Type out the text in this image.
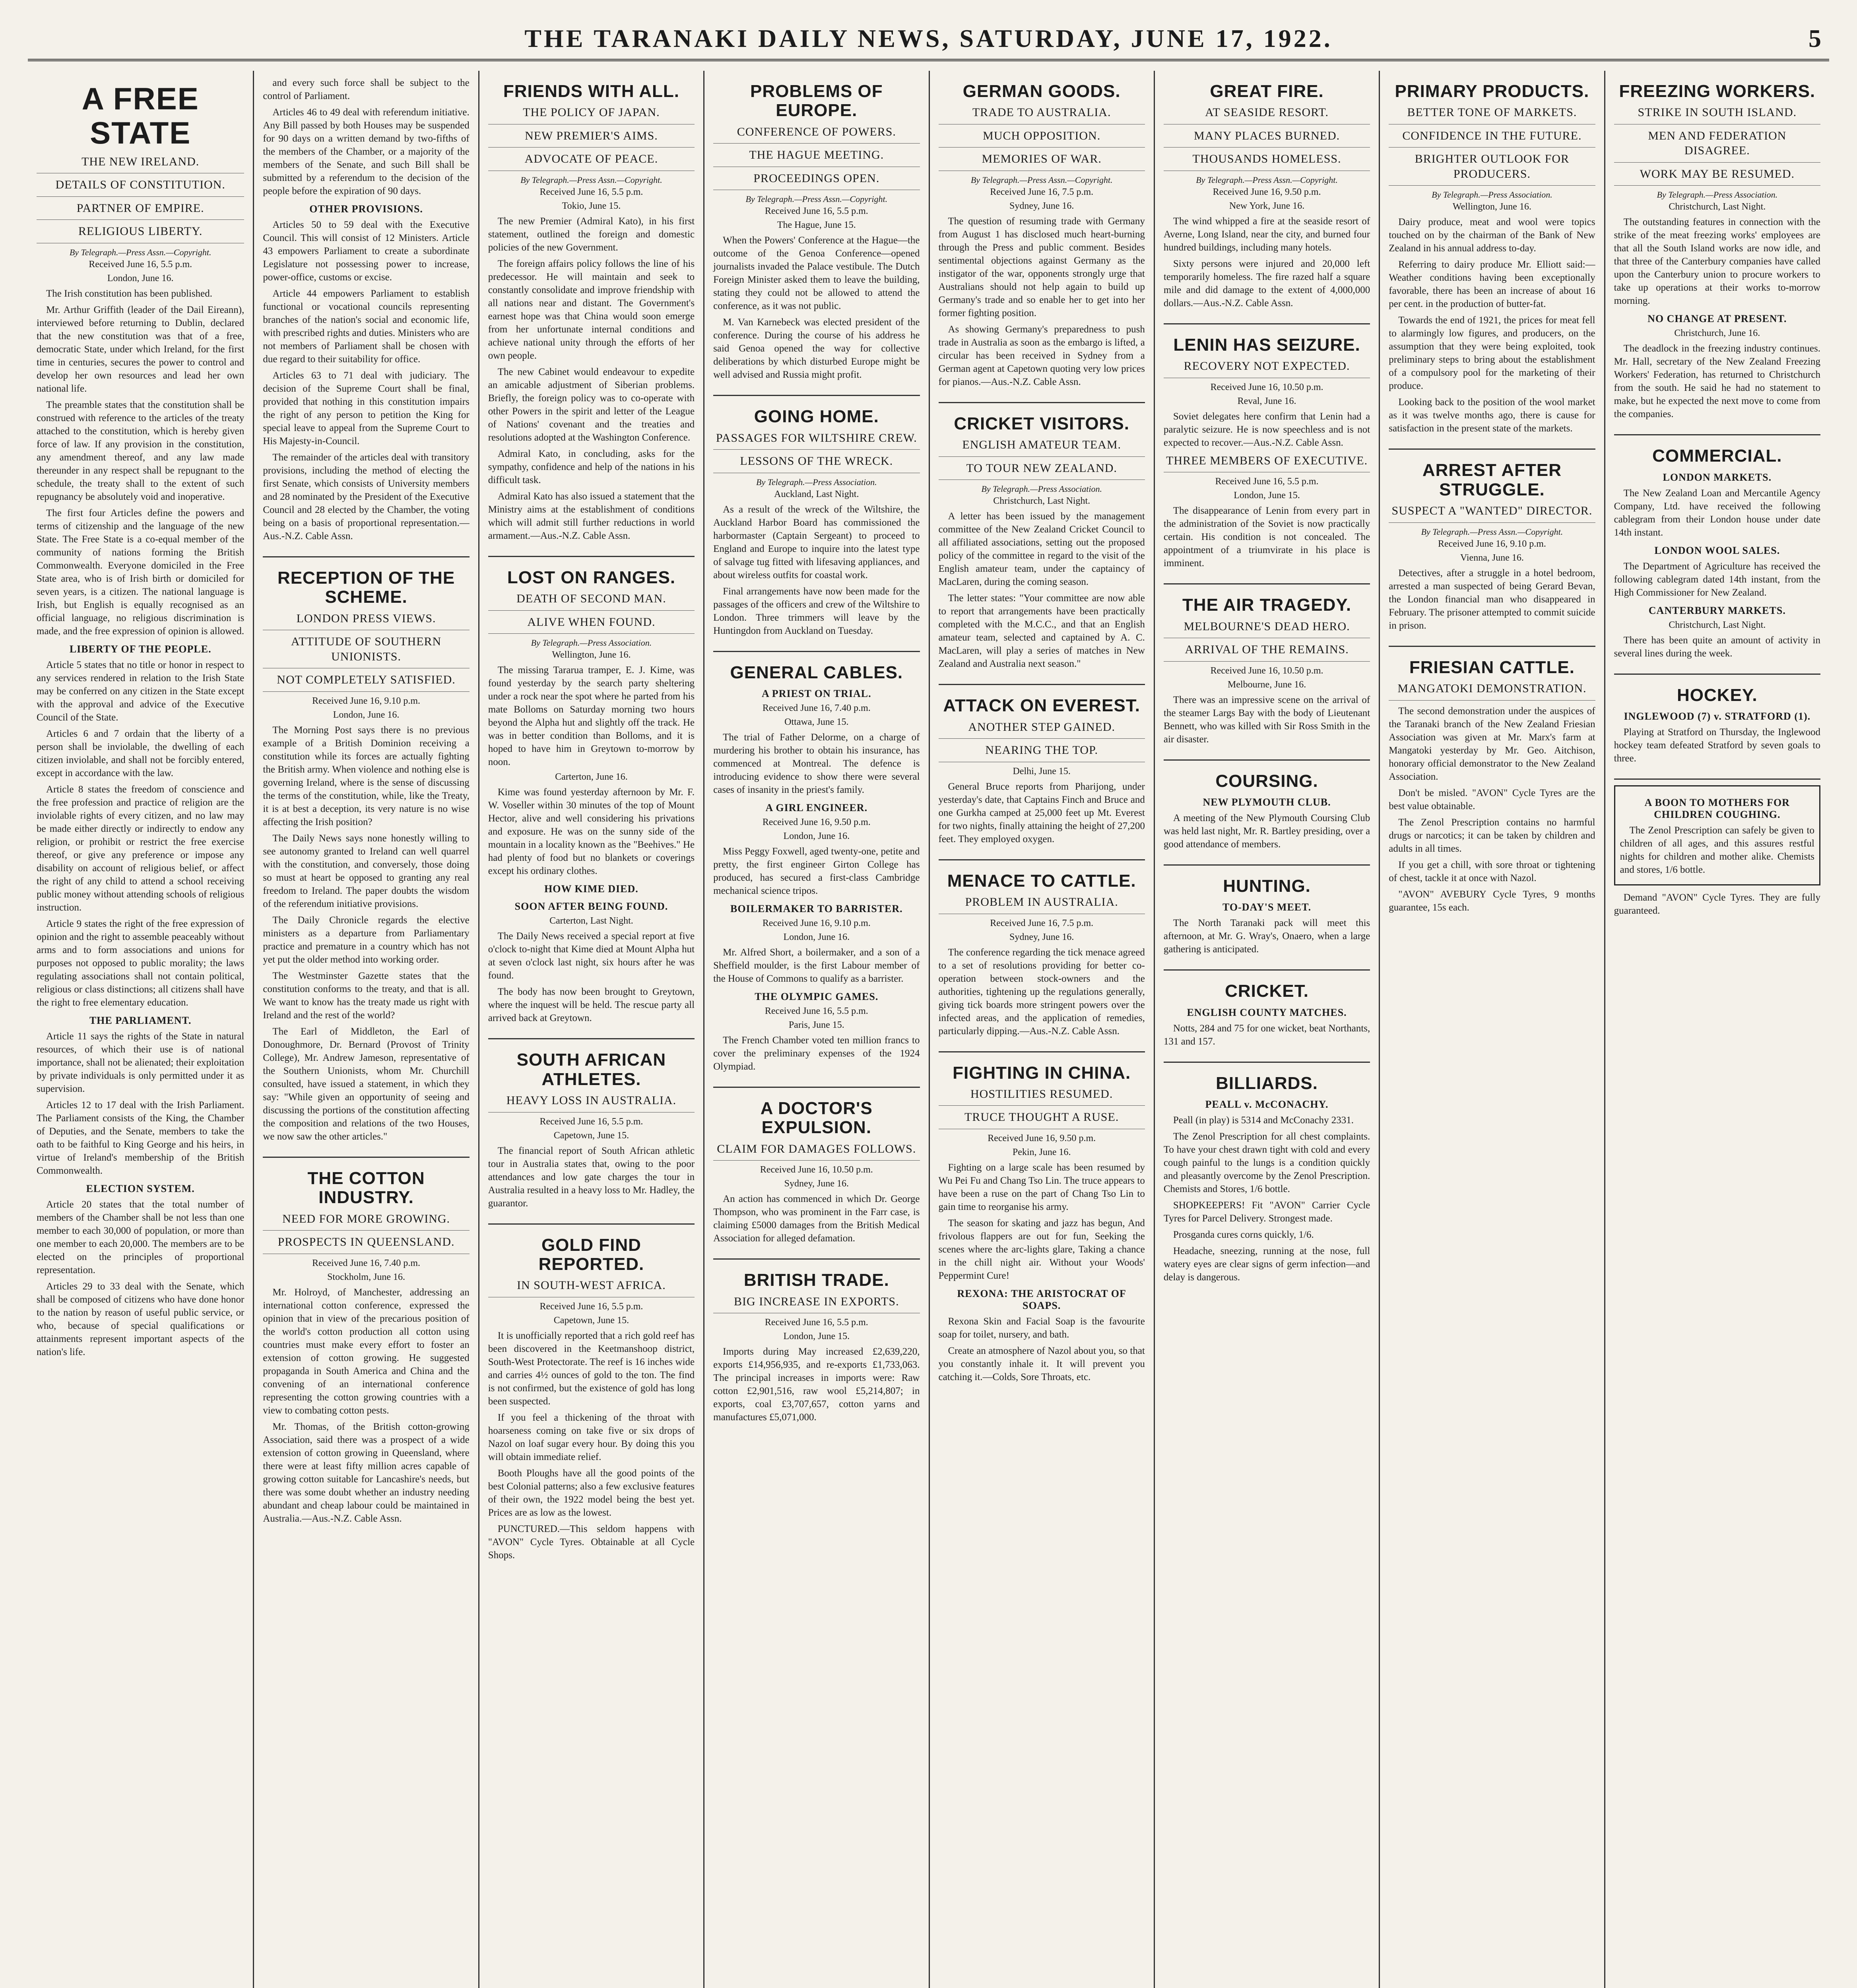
THE TARANAKI DAILY NEWS, SATURDAY, JUNE 17, 1922.	5
A FREE STATE
THE NEW IRELAND.
DETAILS OF CONSTITUTION.
PARTNER OF EMPIRE.
RELIGIOUS LIBERTY.
By Telegraph.—Press Assn.—Copyright.
Received June 16, 5.5 p.m.
London, June 16.

The Irish constitution has been published.

Mr. Arthur Griffith (leader of the Dail Eireann), interviewed before returning to Dublin, declared that the new constitution was that of a free, democratic State, under which Ireland, for the first time in centuries, secures the power to control and develop her own resources and lead her own national life.

The preamble states that the constitution shall be construed with reference to the articles of the treaty attached to the constitution, which is hereby given force of law. If any provision in the constitution, any amendment thereof, and any law made thereunder in any respect shall be repugnant to the schedule, the treaty shall to the extent of such repugnancy be absolutely void and inoperative.

The first four Articles define the powers and terms of citizenship and the language of the new State. The Free State is a co-equal member of the community of nations forming the British Commonwealth. Everyone domiciled in the Free State area, who is of Irish birth or domiciled for seven years, is a citizen. The national language is Irish, but English is equally recognised as an official language, no religious discrimination is made, and the free expression of opinion is allowed.

LIBERTY OF THE PEOPLE.

Article 5 states that no title or honor in respect to any services rendered in relation to the Irish State may be conferred on any citizen in the State except with the approval and advice of the Executive Council of the State.

Articles 6 and 7 ordain that the liberty of a person shall be inviolable, the dwelling of each citizen inviolable, and shall not be forcibly entered, except in accordance with the law.

Article 8 states the freedom of conscience and the free profession and practice of religion are the inviolable rights of every citizen, and no law may be made either directly or indirectly to endow any religion, or prohibit or restrict the free exercise thereof, or give any preference or impose any disability on account of religious belief, or affect the right of any child to attend a school receiving public money without attending schools of religious instruction.

Article 9 states the right of the free expression of opinion and the right to assemble peaceably without arms and to form associations and unions for purposes not opposed to public morality; the laws regulating associations shall not contain political, religious or class distinctions; all citizens shall have the right to free elementary education.

THE PARLIAMENT.

Article 11 says the rights of the State in natural resources, of which their use is of national importance, shall not be alienated; their exploitation by private individuals is only permitted under it as supervision.

Articles 12 to 17 deal with the Irish Parliament. The Parliament consists of the King, the Chamber of Deputies, and the Senate, members to take the oath to be faithful to King George and his heirs, in virtue of Ireland's membership of the British Commonwealth.

ELECTION SYSTEM.

Article 20 states that the total number of members of the Chamber shall be not less than one member to each 30,000 of population, or more than one member to each 20,000. The members are to be elected on the principles of proportional representation.

Articles 29 to 33 deal with the Senate, which shall be composed of citizens who have done honor to the nation by reason of useful public service, or who, because of special qualifications or attainments represent important aspects of the nation's life.

and every such force shall be subject to the control of Parliament.

Articles 46 to 49 deal with referendum initiative. Any Bill passed by both Houses may be suspended for 90 days on a written demand by two-fifths of the members of the Chamber, or a majority of the members of the Senate, and such Bill shall be submitted by a referendum to the decision of the people before the expiration of 90 days.

OTHER PROVISIONS.

Articles 50 to 59 deal with the Executive Council. This will consist of 12 Ministers. Article 43 empowers Parliament to create a subordinate Legislature not possessing power to increase, power-office, customs or excise.

Article 44 empowers Parliament to establish functional or vocational councils representing branches of the nation's social and economic life, with prescribed rights and duties. Ministers who are not members of Parliament shall be chosen with due regard to their suitability for office.

Articles 63 to 71 deal with judiciary. The decision of the Supreme Court shall be final, provided that nothing in this constitution impairs the right of any person to petition the King for special leave to appeal from the Supreme Court to His Majesty-in-Council.

The remainder of the articles deal with transitory provisions, including the method of electing the first Senate, which consists of University members and 28 nominated by the President of the Executive Council and 28 elected by the Chamber, the voting being on a basis of proportional representation.—Aus.-N.Z. Cable Assn.

RECEPTION OF THE SCHEME.
LONDON PRESS VIEWS.
ATTITUDE OF SOUTHERN UNIONISTS.
NOT COMPLETELY SATISFIED.
Received June 16, 9.10 p.m.
London, June 16.

The Morning Post says there is no previous example of a British Dominion receiving a constitution while its forces are actually fighting the British army. When violence and nothing else is governing Ireland, where is the sense of discussing the terms of the constitution, while, like the Treaty, it is at best a deception, its very nature is no wise affecting the Irish position?

The Daily News says none honestly willing to see autonomy granted to Ireland can well quarrel with the constitution, and conversely, those doing so must at heart be opposed to granting any real freedom to Ireland. The paper doubts the wisdom of the referendum initiative provisions.

The Daily Chronicle regards the elective ministers as a departure from Parliamentary practice and premature in a country which has not yet put the older method into working order.

The Westminster Gazette states that the constitution conforms to the treaty, and that is all. We want to know has the treaty made us right with Ireland and the rest of the world?

The Earl of Middleton, the Earl of Donoughmore, Dr. Bernard (Provost of Trinity College), Mr. Andrew Jameson, representative of the Southern Unionists, whom Mr. Churchill consulted, have issued a statement, in which they say: "While given an opportunity of seeing and discussing the portions of the constitution affecting the composition and relations of the two Houses, we now saw the other articles."

THE COTTON INDUSTRY.
NEED FOR MORE GROWING.
PROSPECTS IN QUEENSLAND.
Received June 16, 7.40 p.m.
Stockholm, June 16.

Mr. Holroyd, of Manchester, addressing an international cotton conference, expressed the opinion that in view of the precarious position of the world's cotton production all cotton using countries must make every effort to foster an extension of cotton growing. He suggested propaganda in South America and China and the convening of an international conference representing the cotton growing countries with a view to combating cotton pests.

Mr. Thomas, of the British cotton-growing Association, said there was a prospect of a wide extension of cotton growing in Queensland, where there were at least fifty million acres capable of growing cotton suitable for Lancashire's needs, but there was some doubt whether an industry needing abundant and cheap labour could be maintained in Australia.—Aus.-N.Z. Cable Assn.

FRIENDS WITH ALL.
THE POLICY OF JAPAN.
NEW PREMIER'S AIMS.
ADVOCATE OF PEACE.
By Telegraph.—Press Assn.—Copyright.
Received June 16, 5.5 p.m.
Tokio, June 15.

The new Premier (Admiral Kato), in his first statement, outlined the foreign and domestic policies of the new Government.

The foreign affairs policy follows the line of his predecessor. He will maintain and seek to constantly consolidate and improve friendship with all nations near and distant. The Government's earnest hope was that China would soon emerge from her unfortunate internal conditions and achieve national unity through the efforts of her own people.

The new Cabinet would endeavour to expedite an amicable adjustment of Siberian problems. Briefly, the foreign policy was to co-operate with other Powers in the spirit and letter of the League of Nations' covenant and the treaties and resolutions adopted at the Washington Conference.

Admiral Kato, in concluding, asks for the sympathy, confidence and help of the nations in his difficult task.

Admiral Kato has also issued a statement that the Ministry aims at the establishment of conditions which will admit still further reductions in world armament.—Aus.-N.Z. Cable Assn.

LOST ON RANGES.
DEATH OF SECOND MAN.
ALIVE WHEN FOUND.
By Telegraph.—Press Association.
Wellington, June 16.

The missing Tararua tramper, E. J. Kime, was found yesterday by the search party sheltering under a rock near the spot where he parted from his mate Bolloms on Saturday morning two hours beyond the Alpha hut and slightly off the track. He was in better condition than Bolloms, and it is hoped to have him in Greytown to-morrow by noon.

Carterton, June 16.

Kime was found yesterday afternoon by Mr. F. W. Voseller within 30 minutes of the top of Mount Hector, alive and well considering his privations and exposure. He was on the sunny side of the mountain in a locality known as the "Beehives." He had plenty of food but no blankets or coverings except his ordinary clothes.

HOW KIME DIED.
SOON AFTER BEING FOUND.
Carterton, Last Night.

The Daily News received a special report at five o'clock to-night that Kime died at Mount Alpha hut at seven o'clock last night, six hours after he was found.

The body has now been brought to Greytown, where the inquest will be held. The rescue party all arrived back at Greytown.

SOUTH AFRICAN ATHLETES.
HEAVY LOSS IN AUSTRALIA.
Received June 16, 5.5 p.m.
Capetown, June 15.

The financial report of South African athletic tour in Australia states that, owing to the poor attendances and low gate charges the tour in Australia resulted in a heavy loss to Mr. Hadley, the guarantor.

GOLD FIND REPORTED.
IN SOUTH-WEST AFRICA.
Received June 16, 5.5 p.m.
Capetown, June 15.

It is unofficially reported that a rich gold reef has been discovered in the Keetmanshoop district, South-West Protectorate. The reef is 16 inches wide and carries 4½ ounces of gold to the ton. The find is not confirmed, but the existence of gold has long been suspected.

If you feel a thickening of the throat with hoarseness coming on take five or six drops of Nazol on loaf sugar every hour. By doing this you will obtain immediate relief.

Booth Ploughs have all the good points of the best Colonial patterns; also a few exclusive features of their own, the 1922 model being the best yet. Prices are as low as the lowest.

PUNCTURED.—This seldom happens with "AVON" Cycle Tyres. Obtainable at all Cycle Shops.

PROBLEMS OF EUROPE.
CONFERENCE OF POWERS.
THE HAGUE MEETING.
PROCEEDINGS OPEN.
By Telegraph.—Press Assn.—Copyright.
Received June 16, 5.5 p.m.
The Hague, June 15.

When the Powers' Conference at the Hague—the outcome of the Genoa Conference—opened journalists invaded the Palace vestibule. The Dutch Foreign Minister asked them to leave the building, stating they could not be allowed to attend the conference, as it was not public.

M. Van Karnebeck was elected president of the conference. During the course of his address he said Genoa opened the way for collective deliberations by which disturbed Europe might be well advised and Russia might profit.

GOING HOME.
PASSAGES FOR WILTSHIRE CREW.
LESSONS OF THE WRECK.
By Telegraph.—Press Association.
Auckland, Last Night.

As a result of the wreck of the Wiltshire, the Auckland Harbor Board has commissioned the harbormaster (Captain Sergeant) to proceed to England and Europe to inquire into the latest type of salvage tug fitted with lifesaving appliances, and about wireless outfits for coastal work.

Final arrangements have now been made for the passages of the officers and crew of the Wiltshire to London. Three trimmers will leave by the Huntingdon from Auckland on Tuesday.

GENERAL CABLES.
A PRIEST ON TRIAL.
Received June 16, 7.40 p.m.
Ottawa, June 15.

The trial of Father Delorme, on a charge of murdering his brother to obtain his insurance, has commenced at Montreal. The defence is introducing evidence to show there were several cases of insanity in the priest's family.

A GIRL ENGINEER.
Received June 16, 9.50 p.m.
London, June 16.

Miss Peggy Foxwell, aged twenty-one, petite and pretty, the first engineer Girton College has produced, has secured a first-class Cambridge mechanical science tripos.

BOILERMAKER TO BARRISTER.
Received June 16, 9.10 p.m.
London, June 16.

Mr. Alfred Short, a boilermaker, and a son of a Sheffield moulder, is the first Labour member of the House of Commons to qualify as a barrister.

THE OLYMPIC GAMES.
Received June 16, 5.5 p.m.
Paris, June 15.

The French Chamber voted ten million francs to cover the preliminary expenses of the 1924 Olympiad.

A DOCTOR'S EXPULSION.
CLAIM FOR DAMAGES FOLLOWS.
Received June 16, 10.50 p.m.
Sydney, June 16.

An action has commenced in which Dr. George Thompson, who was prominent in the Farr case, is claiming £5000 damages from the British Medical Association for alleged defamation.

BRITISH TRADE.
BIG INCREASE IN EXPORTS.
Received June 16, 5.5 p.m.
London, June 15.

Imports during May increased £2,639,220, exports £14,956,935, and re-exports £1,733,063. The principal increases in imports were: Raw cotton £2,901,516, raw wool £5,214,807; in exports, coal £3,707,657, cotton yarns and manufactures £5,071,000.

GERMAN GOODS.
TRADE TO AUSTRALIA.
MUCH OPPOSITION.
MEMORIES OF WAR.
By Telegraph.—Press Assn.—Copyright.
Received June 16, 7.5 p.m.
Sydney, June 16.

The question of resuming trade with Germany from August 1 has disclosed much heart-burning through the Press and public comment. Besides sentimental objections against Germany as the instigator of the war, opponents strongly urge that Australians should not help again to build up Germany's trade and so enable her to get into her former fighting position.

As showing Germany's preparedness to push trade in Australia as soon as the embargo is lifted, a circular has been received in Sydney from a German agent at Capetown quoting very low prices for pianos.—Aus.-N.Z. Cable Assn.

CRICKET VISITORS.
ENGLISH AMATEUR TEAM.
TO TOUR NEW ZEALAND.
By Telegraph.—Press Association.
Christchurch, Last Night.

A letter has been issued by the management committee of the New Zealand Cricket Council to all affiliated associations, setting out the proposed policy of the committee in regard to the visit of the English amateur team, under the captaincy of MacLaren, during the coming season.

The letter states: "Your committee are now able to report that arrangements have been practically completed with the M.C.C., and that an English amateur team, selected and captained by A. C. MacLaren, will play a series of matches in New Zealand and Australia next season."

ATTACK ON EVEREST.
ANOTHER STEP GAINED.
NEARING THE TOP.
Delhi, June 15.

General Bruce reports from Pharijong, under yesterday's date, that Captains Finch and Bruce and one Gurkha camped at 25,000 feet up Mt. Everest for two nights, finally attaining the height of 27,200 feet. They employed oxygen.

MENACE TO CATTLE.
PROBLEM IN AUSTRALIA.
Received June 16, 7.5 p.m.
Sydney, June 16.

The conference regarding the tick menace agreed to a set of resolutions providing for better co-operation between stock-owners and the authorities, tightening up the regulations generally, giving tick boards more stringent powers over the infected areas, and the application of remedies, particularly dipping.—Aus.-N.Z. Cable Assn.

FIGHTING IN CHINA.
HOSTILITIES RESUMED.
TRUCE THOUGHT A RUSE.
Received June 16, 9.50 p.m.
Pekin, June 16.

Fighting on a large scale has been resumed by Wu Pei Fu and Chang Tso Lin. The truce appears to have been a ruse on the part of Chang Tso Lin to gain time to reorganise his army.

The season for skating and jazz has begun, And frivolous flappers are out for fun, Seeking the scenes where the arc-lights glare, Taking a chance in the chill night air. Without your Woods' Peppermint Cure!

REXONA: THE ARISTOCRAT OF SOAPS.

Rexona Skin and Facial Soap is the favourite soap for toilet, nursery, and bath.

Create an atmosphere of Nazol about you, so that you constantly inhale it. It will prevent you catching it.—Colds, Sore Throats, etc.

GREAT FIRE.
AT SEASIDE RESORT.
MANY PLACES BURNED.
THOUSANDS HOMELESS.
By Telegraph.—Press Assn.—Copyright.
Received June 16, 9.50 p.m.
New York, June 16.

The wind whipped a fire at the seaside resort of Averne, Long Island, near the city, and burned four hundred buildings, including many hotels.

Sixty persons were injured and 20,000 left temporarily homeless. The fire razed half a square mile and did damage to the extent of 4,000,000 dollars.—Aus.-N.Z. Cable Assn.

LENIN HAS SEIZURE.
RECOVERY NOT EXPECTED.
Received June 16, 10.50 p.m.
Reval, June 16.

Soviet delegates here confirm that Lenin had a paralytic seizure. He is now speechless and is not expected to recover.—Aus.-N.Z. Cable Assn.

THREE MEMBERS OF EXECUTIVE.
Received June 16, 5.5 p.m.
London, June 15.

The disappearance of Lenin from every part in the administration of the Soviet is now practically certain. His condition is not concealed. The appointment of a triumvirate in his place is imminent.

THE AIR TRAGEDY.
MELBOURNE'S DEAD HERO.
ARRIVAL OF THE REMAINS.
Received June 16, 10.50 p.m.
Melbourne, June 16.

There was an impressive scene on the arrival of the steamer Largs Bay with the body of Lieutenant Bennett, who was killed with Sir Ross Smith in the air disaster.

COURSING.
NEW PLYMOUTH CLUB.

A meeting of the New Plymouth Coursing Club was held last night, Mr. R. Bartley presiding, over a good attendance of members.

HUNTING.
TO-DAY'S MEET.

The North Taranaki pack will meet this afternoon, at Mr. G. Wray's, Onaero, when a large gathering is anticipated.

CRICKET.
ENGLISH COUNTY MATCHES.

Notts, 284 and 75 for one wicket, beat Northants, 131 and 157.

BILLIARDS.
PEALL v. McCONACHY.

Peall (in play) is 5314 and McConachy 2331.

The Zenol Prescription for all chest complaints. To have your chest drawn tight with cold and every cough painful to the lungs is a condition quickly and pleasantly overcome by the Zenol Prescription. Chemists and Stores, 1/6 bottle.

SHOPKEEPERS! Fit "AVON" Carrier Cycle Tyres for Parcel Delivery. Strongest made.

Prosganda cures corns quickly, 1/6.

Headache, sneezing, running at the nose, full watery eyes are clear signs of germ infection—and delay is dangerous.

PRIMARY PRODUCTS.
BETTER TONE OF MARKETS.
CONFIDENCE IN THE FUTURE.
BRIGHTER OUTLOOK FOR PRODUCERS.
By Telegraph.—Press Association.
Wellington, June 16.

Dairy produce, meat and wool were topics touched on by the chairman of the Bank of New Zealand in his annual address to-day.

Referring to dairy produce Mr. Elliott said:—Weather conditions having been exceptionally favorable, there has been an increase of about 16 per cent. in the production of butter-fat.

Towards the end of 1921, the prices for meat fell to alarmingly low figures, and producers, on the assumption that they were being exploited, took preliminary steps to bring about the establishment of a compulsory pool for the marketing of their produce.

Looking back to the position of the wool market as it was twelve months ago, there is cause for satisfaction in the present state of the markets.

ARREST AFTER STRUGGLE.
SUSPECT A "WANTED" DIRECTOR.
By Telegraph.—Press Assn.—Copyright.
Received June 16, 9.10 p.m.
Vienna, June 16.

Detectives, after a struggle in a hotel bedroom, arrested a man suspected of being Gerard Bevan, the London financial man who disappeared in February. The prisoner attempted to commit suicide in prison.

FRIESIAN CATTLE.
MANGATOKI DEMONSTRATION.

The second demonstration under the auspices of the Taranaki branch of the New Zealand Friesian Association was given at Mr. Marx's farm at Mangatoki yesterday by Mr. Geo. Aitchison, honorary official demonstrator to the New Zealand Association.

Don't be misled. "AVON" Cycle Tyres are the best value obtainable.

The Zenol Prescription contains no harmful drugs or narcotics; it can be taken by children and adults in all times.

If you get a chill, with sore throat or tightening of chest, tackle it at once with Nazol.

"AVON" AVEBURY Cycle Tyres, 9 months guarantee, 15s each.

FREEZING WORKERS.
STRIKE IN SOUTH ISLAND.
MEN AND FEDERATION DISAGREE.
WORK MAY BE RESUMED.
By Telegraph.—Press Association.
Christchurch, Last Night.

The outstanding features in connection with the strike of the meat freezing works' employees are that all the South Island works are now idle, and that three of the Canterbury companies have called upon the Canterbury union to procure workers to take up operations at their works to-morrow morning.

NO CHANGE AT PRESENT.
Christchurch, June 16.

The deadlock in the freezing industry continues. Mr. Hall, secretary of the New Zealand Freezing Workers' Federation, has returned to Christchurch from the south. He said he had no statement to make, but he expected the next move to come from the companies.

COMMERCIAL.
LONDON MARKETS.

The New Zealand Loan and Mercantile Agency Company, Ltd. have received the following cablegram from their London house under date 14th instant.

LONDON WOOL SALES.

The Department of Agriculture has received the following cablegram dated 14th instant, from the High Commissioner for New Zealand.

CANTERBURY MARKETS.
Christchurch, Last Night.

There has been quite an amount of activity in several lines during the week.

HOCKEY.
INGLEWOOD (7) v. STRATFORD (1).

Playing at Stratford on Thursday, the Inglewood hockey team defeated Stratford by seven goals to three.

A BOON TO MOTHERS FOR CHILDREN COUGHING.

The Zenol Prescription can safely be given to children of all ages, and this assures restful nights for children and mother alike. Chemists and stores, 1/6 bottle.

Demand "AVON" Cycle Tyres. They are fully guaranteed.
